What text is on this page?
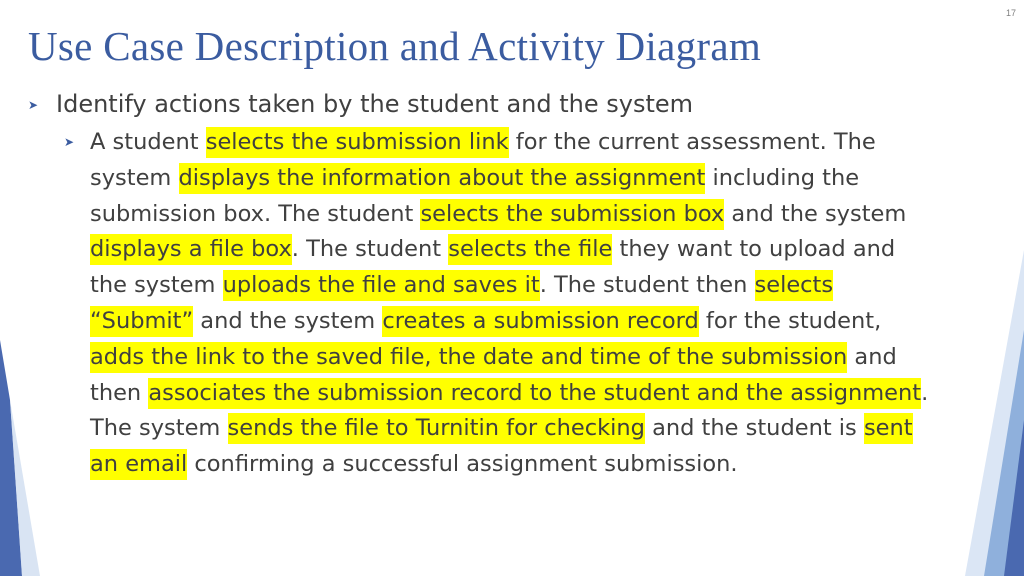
17
Use Case Description and Activity Diagram
➤ Identify actions taken by the student and the system
➤ A student selects the submission link for the current assessment. The system displays the information about the assignment including the submission box. The student selects the submission box and the system displays a file box. The student selects the file they want to upload and the system uploads the file and saves it. The student then selects “Submit” and the system creates a submission record for the student, adds the link to the saved file, the date and time of the submission and then associates the submission record to the student and the assignment. The system sends the file to Turnitin for checking and the student is sent an email confirming a successful assignment submission.
